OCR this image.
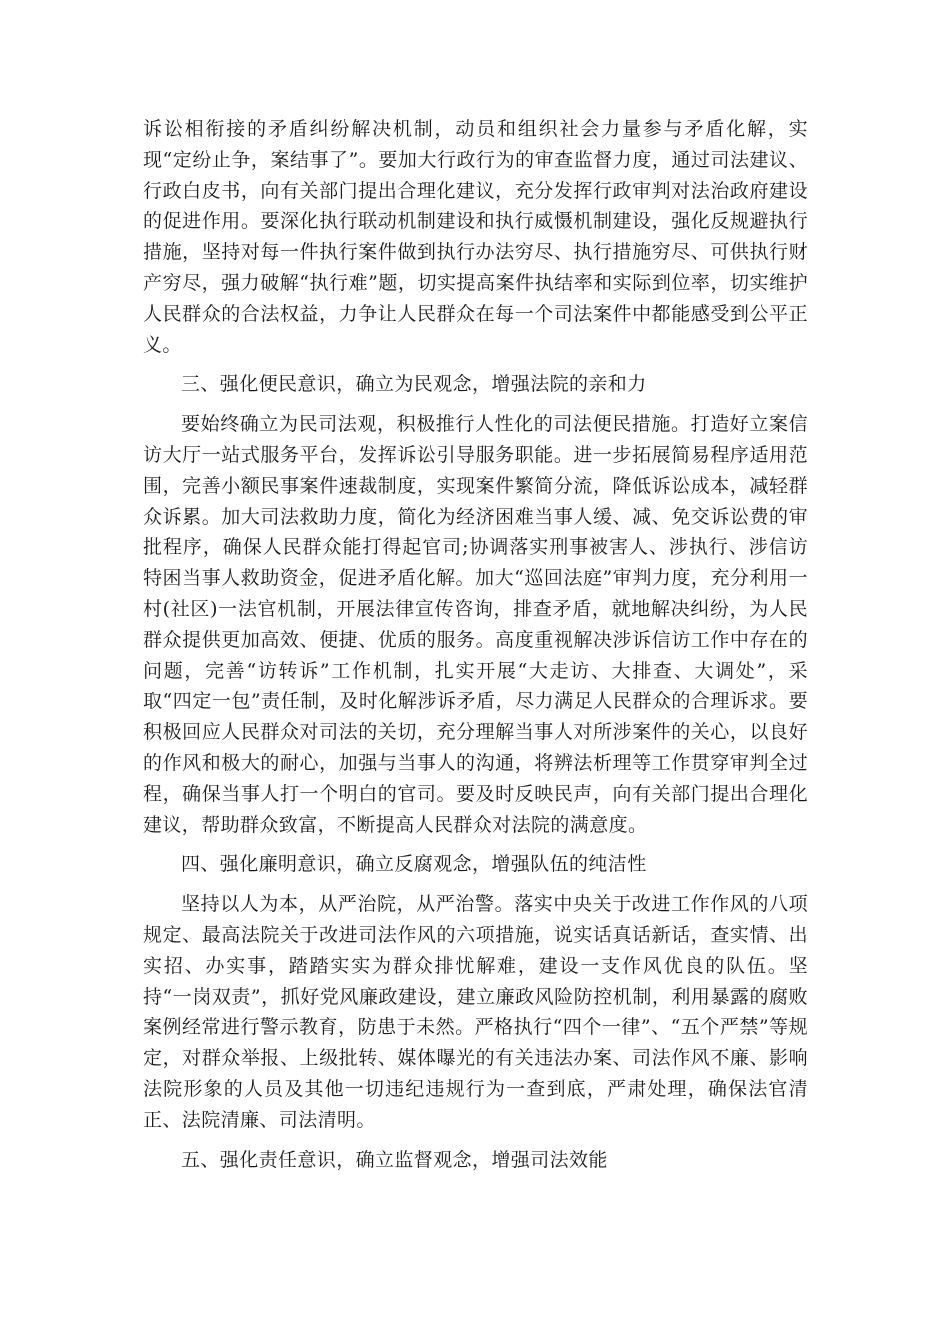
诉讼相衔接的矛盾纠纷解决机制，动员和组织社会力量参与矛盾化解，实现“定纷止争，案结事了”。要加大行政行为的审查监督力度，通过司法建议、行政白皮书，向有关部门提出合理化建议，充分发挥行政审判对法治政府建设的促进作用。要深化执行联动机制建设和执行威慑机制建设，强化反规避执行措施，坚持对每一件执行案件做到执行办法穷尽、执行措施穷尽、可供执行财产穷尽，强力破解“执行难”题，切实提高案件执结率和实际到位率，切实维护人民群众的合法权益，力争让人民群众在每一个司法案件中都能感受到公平正义。

三、强化便民意识，确立为民观念，增强法院的亲和力

要始终确立为民司法观，积极推行人性化的司法便民措施。打造好立案信访大厅一站式服务平台，发挥诉讼引导服务职能。进一步拓展简易程序适用范围，完善小额民事案件速裁制度，实现案件繁简分流，降低诉讼成本，减轻群众诉累。加大司法救助力度，简化为经济困难当事人缓、减、免交诉讼费的审批程序，确保人民群众能打得起官司;协调落实刑事被害人、涉执行、涉信访特困当事人救助资金，促进矛盾化解。加大“巡回法庭”审判力度，充分利用一村(社区)一法官机制，开展法律宣传咨询，排查矛盾，就地解决纠纷，为人民群众提供更加高效、便捷、优质的服务。高度重视解决涉诉信访工作中存在的问题，完善“访转诉”工作机制，扎实开展“大走访、大排查、大调处”，采取“四定一包”责任制，及时化解涉诉矛盾，尽力满足人民群众的合理诉求。要积极回应人民群众对司法的关切，充分理解当事人对所涉案件的关心，以良好的作风和极大的耐心，加强与当事人的沟通，将辨法析理等工作贯穿审判全过程，确保当事人打一个明白的官司。要及时反映民声，向有关部门提出合理化建议，帮助群众致富，不断提高人民群众对法院的满意度。

四、强化廉明意识，确立反腐观念，增强队伍的纯洁性

坚持以人为本，从严治院，从严治警。落实中央关于改进工作作风的八项规定、最高法院关于改进司法作风的六项措施，说实话真话新话，查实情、出实招、办实事，踏踏实实为群众排忧解难，建设一支作风优良的队伍。坚持“一岗双责”，抓好党风廉政建设，建立廉政风险防控机制，利用暴露的腐败案例经常进行警示教育，防患于未然。严格执行“四个一律”、“五个严禁”等规定，对群众举报、上级批转、媒体曝光的有关违法办案、司法作风不廉、影响法院形象的人员及其他一切违纪违规行为一查到底，严肃处理，确保法官清正、法院清廉、司法清明。

五、强化责任意识，确立监督观念，增强司法效能
